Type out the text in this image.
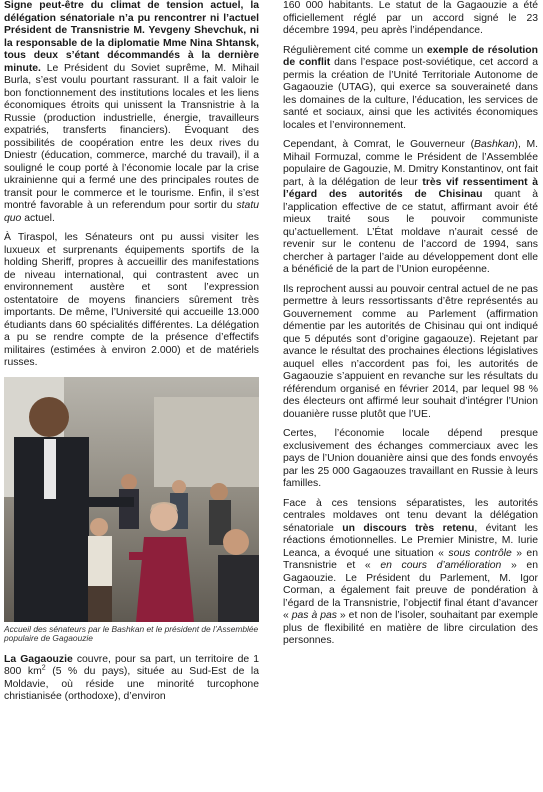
Signe peut-être du climat de tension actuel, la délégation sénatoriale n’a pu rencontrer ni l’actuel Président de Transnistrie M. Yevgeny Shevchuk, ni la responsable de la diplomatie Mme Nina Shtansk, tous deux s’étant décommandés à la dernière minute. Le Président du Soviet suprême, M. Mihail Burla, s’est voulu pourtant rassurant. Il a fait valoir le bon fonctionnement des institutions locales et les liens économiques étroits qui unissent la Transnistrie à la Russie (production industrielle, énergie, travailleurs expatriés, transferts financiers). Évoquant des possibilités de coopération entre les deux rives du Dniestr (éducation, commerce, marché du travail), il a souligné le coup porté à l’économie locale par la crise ukrainienne qui a fermé une des principales routes de transit pour le commerce et le tourisme. Enfin, il s’est montré favorable à un referendum pour sortir du statu quo actuel.

À Tiraspol, les Sénateurs ont pu aussi visiter les luxueux et surprenants équipements sportifs de la holding Sheriff, propres à accueillir des manifestations de niveau international, qui contrastent avec un environnement austère et sont l’expression ostentatoire de moyens financiers sûrement très importants. De même, l’Université qui accueille 13.000 étudiants dans 60 spécialités différentes. La délégation a pu se rendre compte de la présence d’effectifs militaires (estimées à environ 2.000) et de matériels russes.

Accueil des sénateurs par le Bashkan et le président de l’Assemblée populaire de Gagaouzie

La Gagaouzie couvre, pour sa part, un territoire de 1 800 $km^2$ (5 % du pays), située au Sud-Est de la Moldavie, où réside une minorité turcophone christianisée (orthodoxe), d’environ

160 000 habitants. Le statut de la Gagaouzie a été officiellement réglé par un accord signé le 23 décembre 1994, peu après l’indépendance.

Régulièrement cité comme un exemple de résolution de conflit dans l’espace post-soviétique, cet accord a permis la création de l’Unité Territoriale Autonome de Gagaouzie (UTAG), qui exerce sa souveraineté dans les domaines de la culture, l’éducation, les services de santé et sociaux, ainsi que les activités économiques locales et l’environnement.

Cependant, à Comrat, le Gouverneur (Bashkan), M. Mihail Formuzal, comme le Président de l’Assemblée populaire de Gagouzie, M. Dmitry Konstantinov, ont fait part, à la délégation de leur très vif ressentiment à l’égard des autorités de Chisinau quant à l’application effective de ce statut, affirmant avoir été mieux traité sous le pouvoir communiste qu’actuellement. L’État moldave n’aurait cessé de revenir sur le contenu de l’accord de 1994, sans chercher à partager l’aide au développement dont elle a bénéficié de la part de l’Union européenne.

Ils reprochent aussi au pouvoir central actuel de ne pas permettre à leurs ressortissants d’être représentés au Gouvernement comme au Parlement (affirmation démentie par les autorités de Chisinau qui ont indiqué que 5 députés sont d’origine gagaouze). Rejetant par avance le résultat des prochaines élections législatives auquel elles n’accordent pas foi, les autorités de Gagaouzie s’appuient en revanche sur les résultats du référendum organisé en février 2014, par lequel 98 % des électeurs ont affirmé leur souhait d’intégrer l’Union douanière russe plutôt que l’UE.

Certes, l’économie locale dépend presque exclusivement des échanges commerciaux avec les pays de l’Union douanière ainsi que des fonds envoyés par les 25 000 Gagaouzes travaillant en Russie à leurs familles.

Face à ces tensions séparatistes, les autorités centrales moldaves ont tenu devant la délégation sénatoriale un discours très retenu, évitant les réactions émotionnelles. Le Premier Ministre, M. Iurie Leanca, a évoqué une situation « sous contrôle » en Transnistrie et « en cours d’amélioration » en Gagaouzie. Le Président du Parlement, M. Igor Corman, a également fait preuve de pondération à l’égard de la Transnistrie, l’objectif final étant d’avancer « pas à pas » et non de l’isoler, souhaitant par exemple plus de flexibilité en matière de libre circulation des personnes.
